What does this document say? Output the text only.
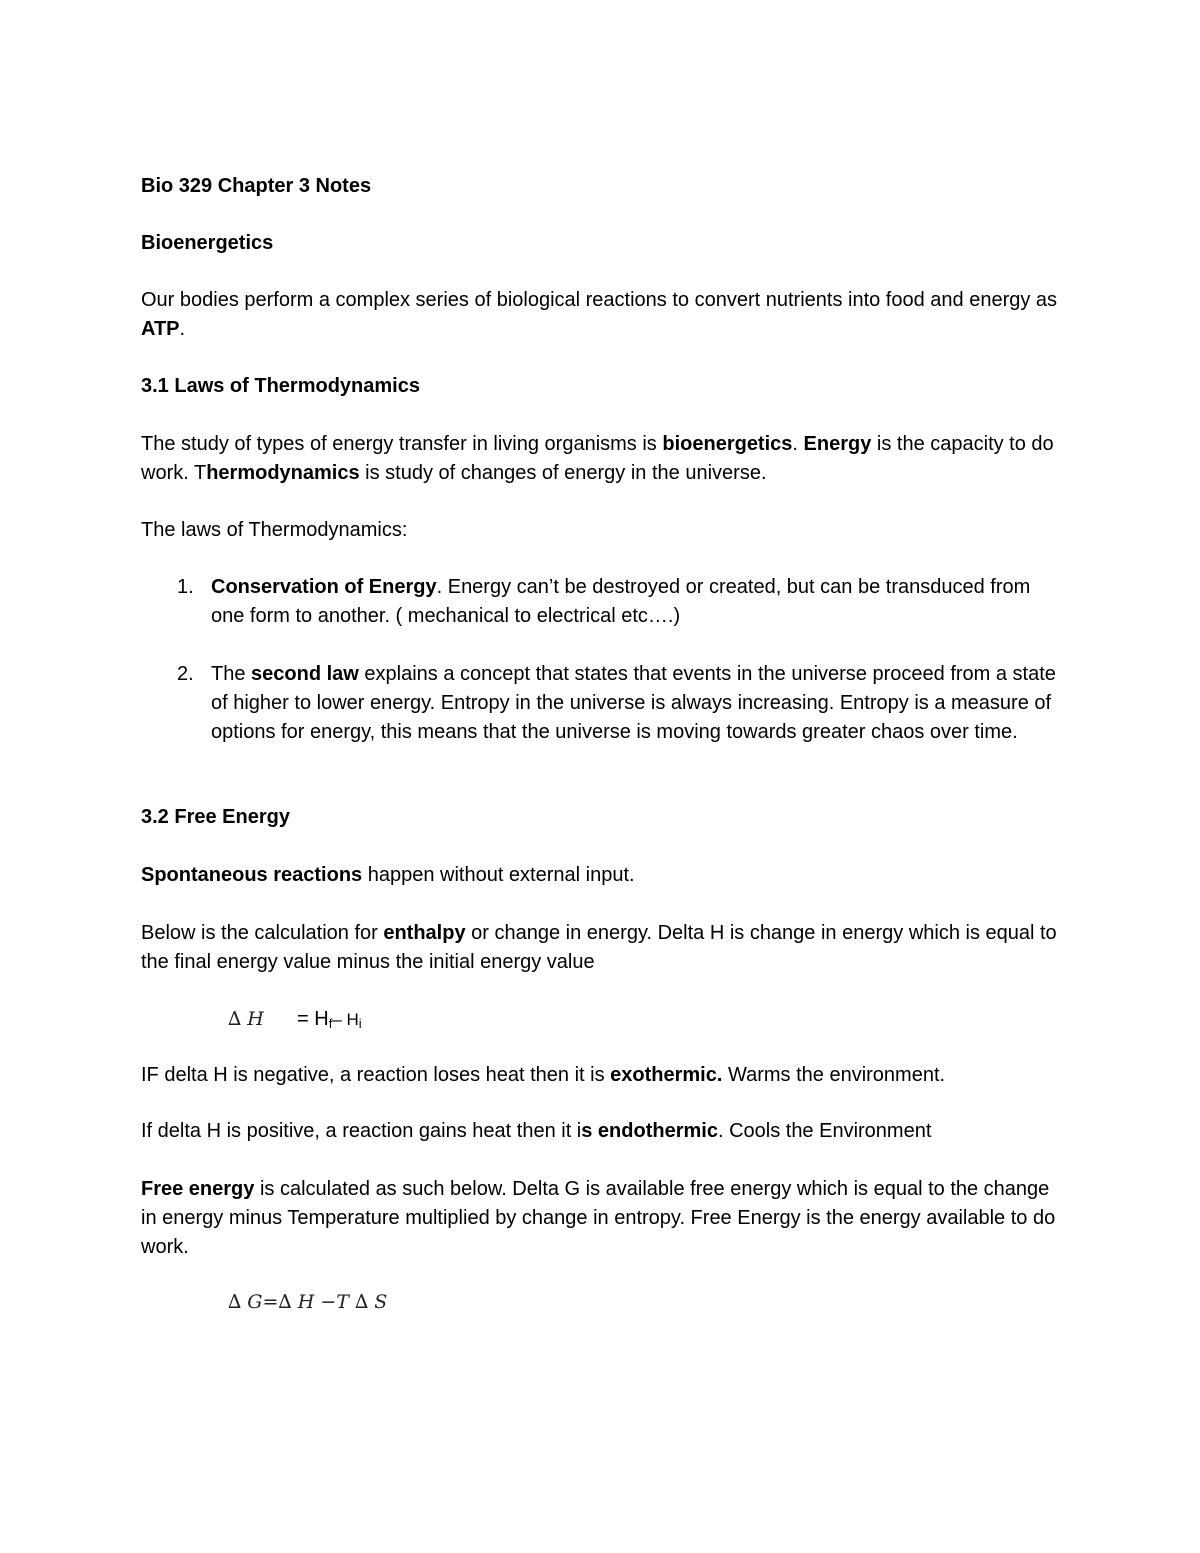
Bio 329 Chapter 3 Notes
Bioenergetics
Our bodies perform a complex series of biological reactions to convert nutrients into food and energy as ATP.
3.1 Laws of Thermodynamics
The study of types of energy transfer in living organisms is bioenergetics. Energy is the capacity to do work. Thermodynamics is study of changes of energy in the universe.
The laws of Thermodynamics:
1. Conservation of Energy. Energy can’t be destroyed or created, but can be transduced from one form to another. ( mechanical to electrical etc….)
2. The second law explains a concept that states that events in the universe proceed from a state of higher to lower energy. Entropy in the universe is always increasing. Entropy is a measure of options for energy, this means that the universe is moving towards greater chaos over time.
3.2 Free Energy
Spontaneous reactions happen without external input.
Below is the calculation for enthalpy or change in energy. Delta H is change in energy which is equal to the final energy value minus the initial energy value
∆ $H = H_f-$ $H_i$
IF delta H is negative, a reaction loses heat then it is exothermic. Warms the environment.
If delta H is positive, a reaction gains heat then it is endothermic. Cools the Environment
Free energy is calculated as such below. Delta G is available free energy which is equal to the change in energy minus Temperature multiplied by change in entropy. Free Energy is the energy available to do work.
∆ G=∆ H −T ∆ S
